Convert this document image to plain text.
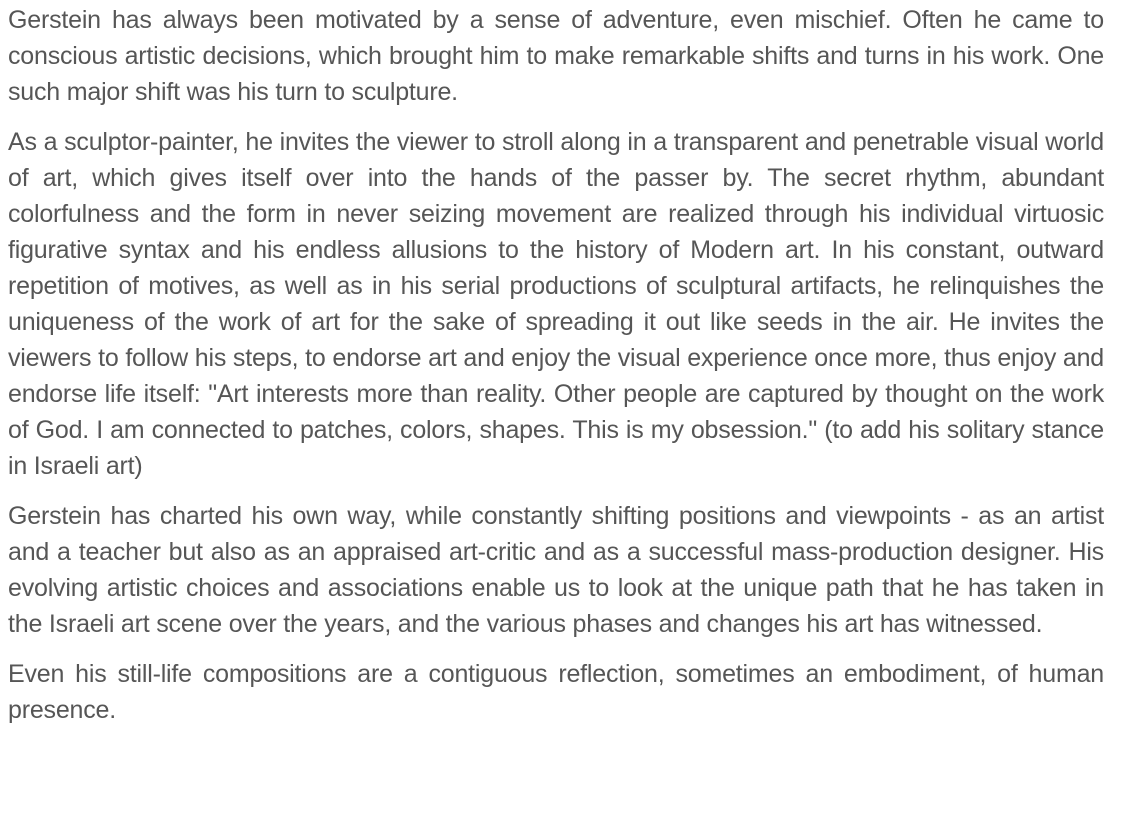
Gerstein has always been motivated by a sense of adventure, even mischief. Often he came to conscious artistic decisions, which brought him to make remarkable shifts and turns in his work. One such major shift was his turn to sculpture.

As a sculptor-painter, he invites the viewer to stroll along in a transparent and penetrable visual world of art, which gives itself over into the hands of the passer by. The secret rhythm, abundant colorfulness and the form in never seizing movement are realized through his individual virtuosic figurative syntax and his endless allusions to the history of Modern art. In his constant, outward repetition of motives, as well as in his serial productions of sculptural artifacts, he relinquishes the uniqueness of the work of art for the sake of spreading it out like seeds in the air. He invites the viewers to follow his steps, to endorse art and enjoy the visual experience once more, thus enjoy and endorse life itself: "Art interests more than reality. Other people are captured by thought on the work of God. I am connected to patches, colors, shapes. This is my obsession." (to add his solitary stance in Israeli art)

Gerstein has charted his own way, while constantly shifting positions and viewpoints - as an artist and a teacher but also as an appraised art-critic and as a successful mass-production designer. His evolving artistic choices and associations enable us to look at the unique path that he has taken in the Israeli art scene over the years, and the various phases and changes his art has witnessed.

Even his still-life compositions are a contiguous reflection, sometimes an embodiment, of human presence.
